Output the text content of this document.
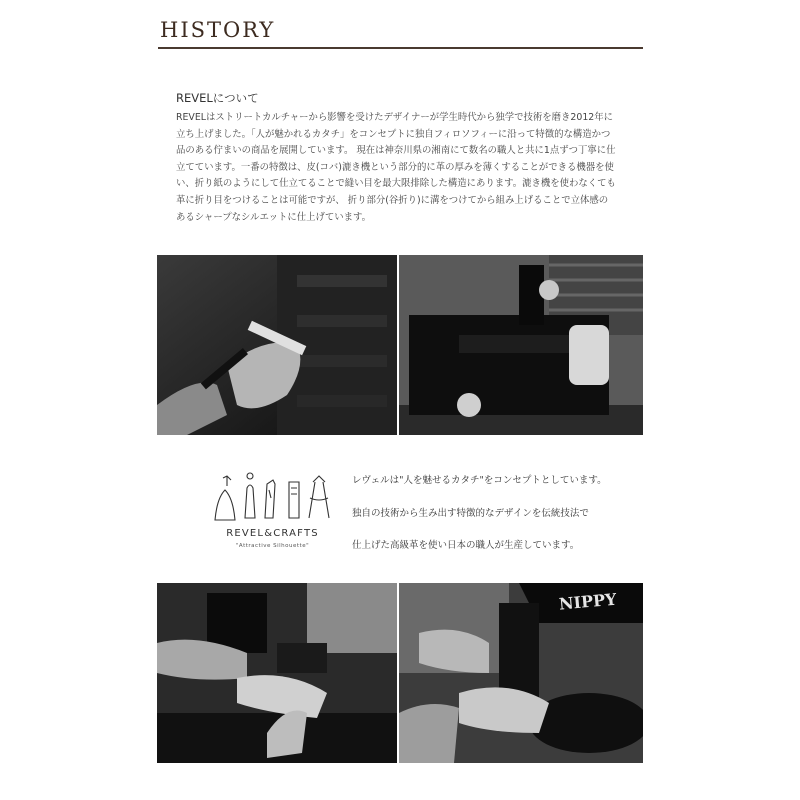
HISTORY
REVELについて

REVELはストリートカルチャーから影響を受けたデザイナーが学生時代から独学で技術を磨き2012年に立ち上げました。「人が魅かれるカタチ」をコンセプトに独自フィロソフィーに沿って特徴的な構造かつ品のある佇まいの商品を展開しています。 現在は神奈川県の湘南にて数名の職人と共に1点ずつ丁寧に仕立てています。一番の特徴は、皮(コバ)漉き機という部分的に革の厚みを薄くすることができる機器を使い、折り紙のようにして仕立てることで縫い目を最大限排除した構造にあります。漉き機を使わなくても革に折り目をつけることは可能ですが、 折り部分(谷折り)に溝をつけてから組み上げることで立体感のあるシャープなシルエットに仕上げています。

REVEL&CRAFTS
"Attractive Silhouette"

レヴェルは"人を魅せるカタチ"をコンセプトとしています。

独自の技術から生み出す特徴的なデザインを伝統技法で

仕上げた高級革を使い日本の職人が生産しています。

NIPPY
